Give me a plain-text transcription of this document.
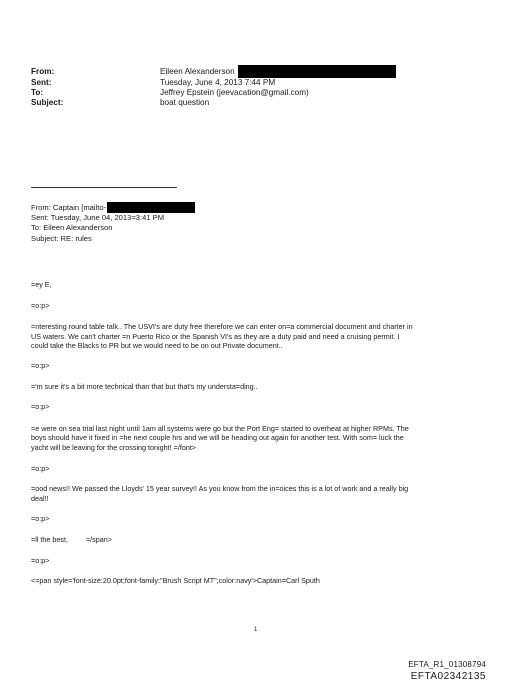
From:	Eileen Alexanderson
Sent:	Tuesday, June 4, 2013 7:44 PM
To:	Jeffrey Epstein (jeevacation@gmail.com)
Subject:	boat question
From: Captain [mailto-
Sent: Tuesday, June 04, 2013=3:41 PM
To: Eileen Alexanderson
Subject: RE: rules

=ey E,

=o:p>

=nteresting round table talk.. The USVI's are duty free therefore we can enter on=a commercial document and charter in

US waters. We can't charter =n Puerto Rico or the Spanish VI's as they are a duty paid and need a cruising permit. I

could take the Blacks to PR but we would need to be on out Private document..

=o:p>

='m sure it's a bit more technical than that but that's my understa=ding..

=o:p>

=e were on sea trial last night until 1am all systems were go but the Port Eng= started to overheat at higher RPMs. The

boys should have it fixed in =he next couple hrs and we will be heading out again for another test. With som= luck the

yacht will be leaving for the crossing tonight! =/font>

=o:p>

=ood news!! We passed the Lloyds' 15 year survey!! As you know from the in=oices this is a lot of work and a really big

deal!!

=o:p>

=ll the best,	=/span>

=o:p>

<=pan style='font-size:20.0pt;font-family:"Brush Script MT";color:navy'>Captain=Carl Sputh

1
EFTA_R1_01308794
EFTA02342135
